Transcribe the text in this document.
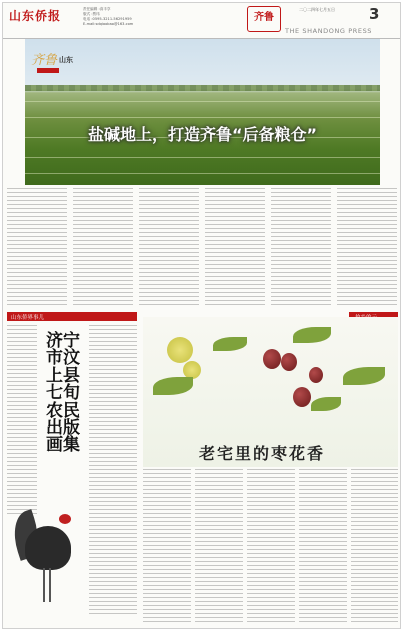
山东侨报	责任编辑 :高丰享
版式 :贾玮
电话 :0595-3211-56291959
E-mail:sdqiaobao@163.com
齐鲁
二〇二四年七月五日 3
THE SHANDONG PRESS
齐鲁 山东
盐碱地上，打造齐鲁“后备粮仓”
山东侨界事儿
济宁市汶上县七旬农民出版画集	老宅里的枣花香
